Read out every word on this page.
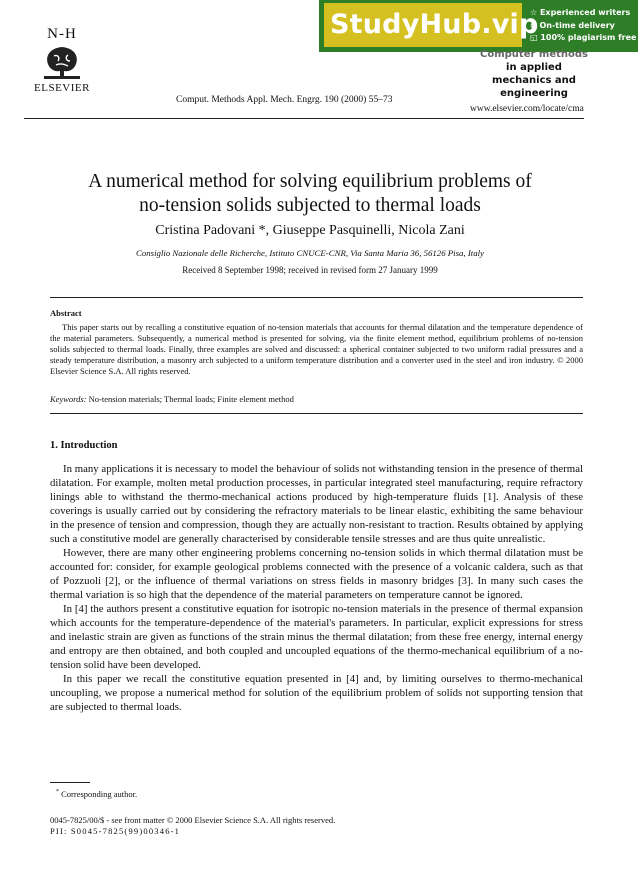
StudyHub.vip
☆ Experienced writers
⊙ On-time delivery
◱ 100% plagiarism free
N-H
ELSEVIER
Comput. Methods Appl. Mech. Engrg. 190 (2000) 55–73
Computer methods
in applied
mechanics and
engineering
www.elsevier.com/locate/cma
A numerical method for solving equilibrium problems of
no-tension solids subjected to thermal loads
Cristina Padovani *, Giuseppe Pasquinelli, Nicola Zani
Consiglio Nazionale delle Richerche, Istituto CNUCE-CNR, Via Santa Maria 36, 56126 Pisa, Italy
Received 8 September 1998; received in revised form 27 January 1999
Abstract
This paper starts out by recalling a constitutive equation of no-tension materials that accounts for thermal dilatation and the temperature dependence of the material parameters. Subsequently, a numerical method is presented for solving, via the finite element method, equilibrium problems of no-tension solids subjected to thermal loads. Finally, three examples are solved and discussed: a spherical container subjected to two uniform radial pressures and a steady temperature distribution, a masonry arch subjected to a uniform temperature distribution and a converter used in the steel and iron industry. © 2000 Elsevier Science S.A. All rights reserved.
Keywords: No-tension materials; Thermal loads; Finite element method
1. Introduction

In many applications it is necessary to model the behaviour of solids not withstanding tension in the presence of thermal dilatation. For example, molten metal production processes, in particular integrated steel manufacturing, require refractory linings able to withstand the thermo-mechanical actions produced by high-temperature fluids [1]. Analysis of these coverings is usually carried out by considering the refractory materials to be linear elastic, exhibiting the same behaviour in the presence of tension and compression, though they are actually non-resistant to traction. Results obtained by applying such a constitutive model are generally characterised by considerable tensile stresses and are thus quite unrealistic.

However, there are many other engineering problems concerning no-tension solids in which thermal dilatation must be accounted for: consider, for example geological problems connected with the presence of a volcanic caldera, such as that of Pozzuoli [2], or the influence of thermal variations on stress fields in masonry bridges [3]. In many such cases the thermal variation is so high that the dependence of the material parameters on temperature cannot be ignored.

In [4] the authors present a constitutive equation for isotropic no-tension materials in the presence of thermal expansion which accounts for the temperature-dependence of the material's parameters. In particular, explicit expressions for stress and inelastic strain are given as functions of the strain minus the thermal dilatation; from these free energy, internal energy and entropy are then obtained, and both coupled and uncoupled equations of the thermo-mechanical equilibrium of a no-tension solid have been developed.

In this paper we recall the constitutive equation presented in [4] and, by limiting ourselves to thermo-mechanical uncoupling, we propose a numerical method for solution of the equilibrium problem of solids not supporting tension that are subjected to thermal loads.

* Corresponding author.
0045-7825/00/$ - see front matter © 2000 Elsevier Science S.A. All rights reserved.
PII: S0045-7825(99)00346-1
